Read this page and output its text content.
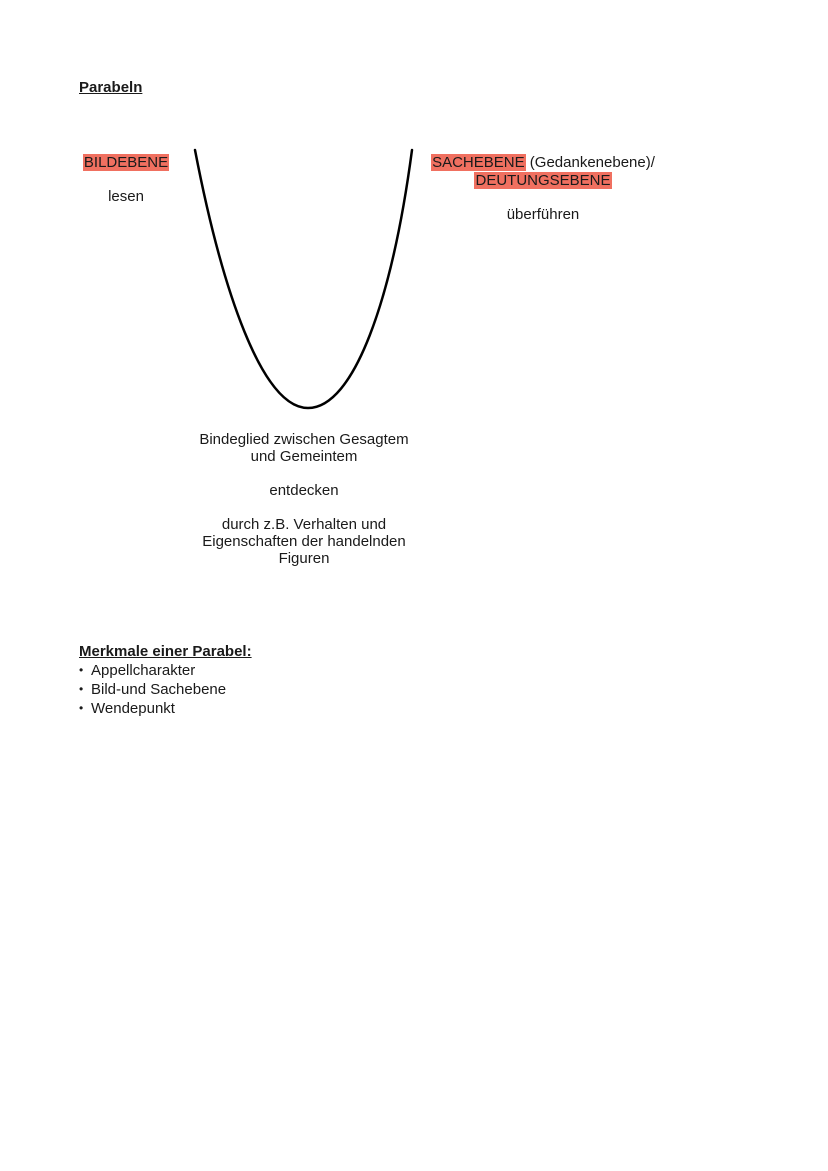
Parabeln
BILDEBENE
lesen
SACHEBENE (Gedankenebene)/
DEUTUNGSEBENE
überführen

Bindeglied zwischen Gesagtem

und Gemeintem

entdecken

durch z.B. Verhalten und

Eigenschaften der handelnden

Figuren

Merkmale einer Parabel:
• Appellcharakter
• Bild-und Sachebene
• Wendepunkt
